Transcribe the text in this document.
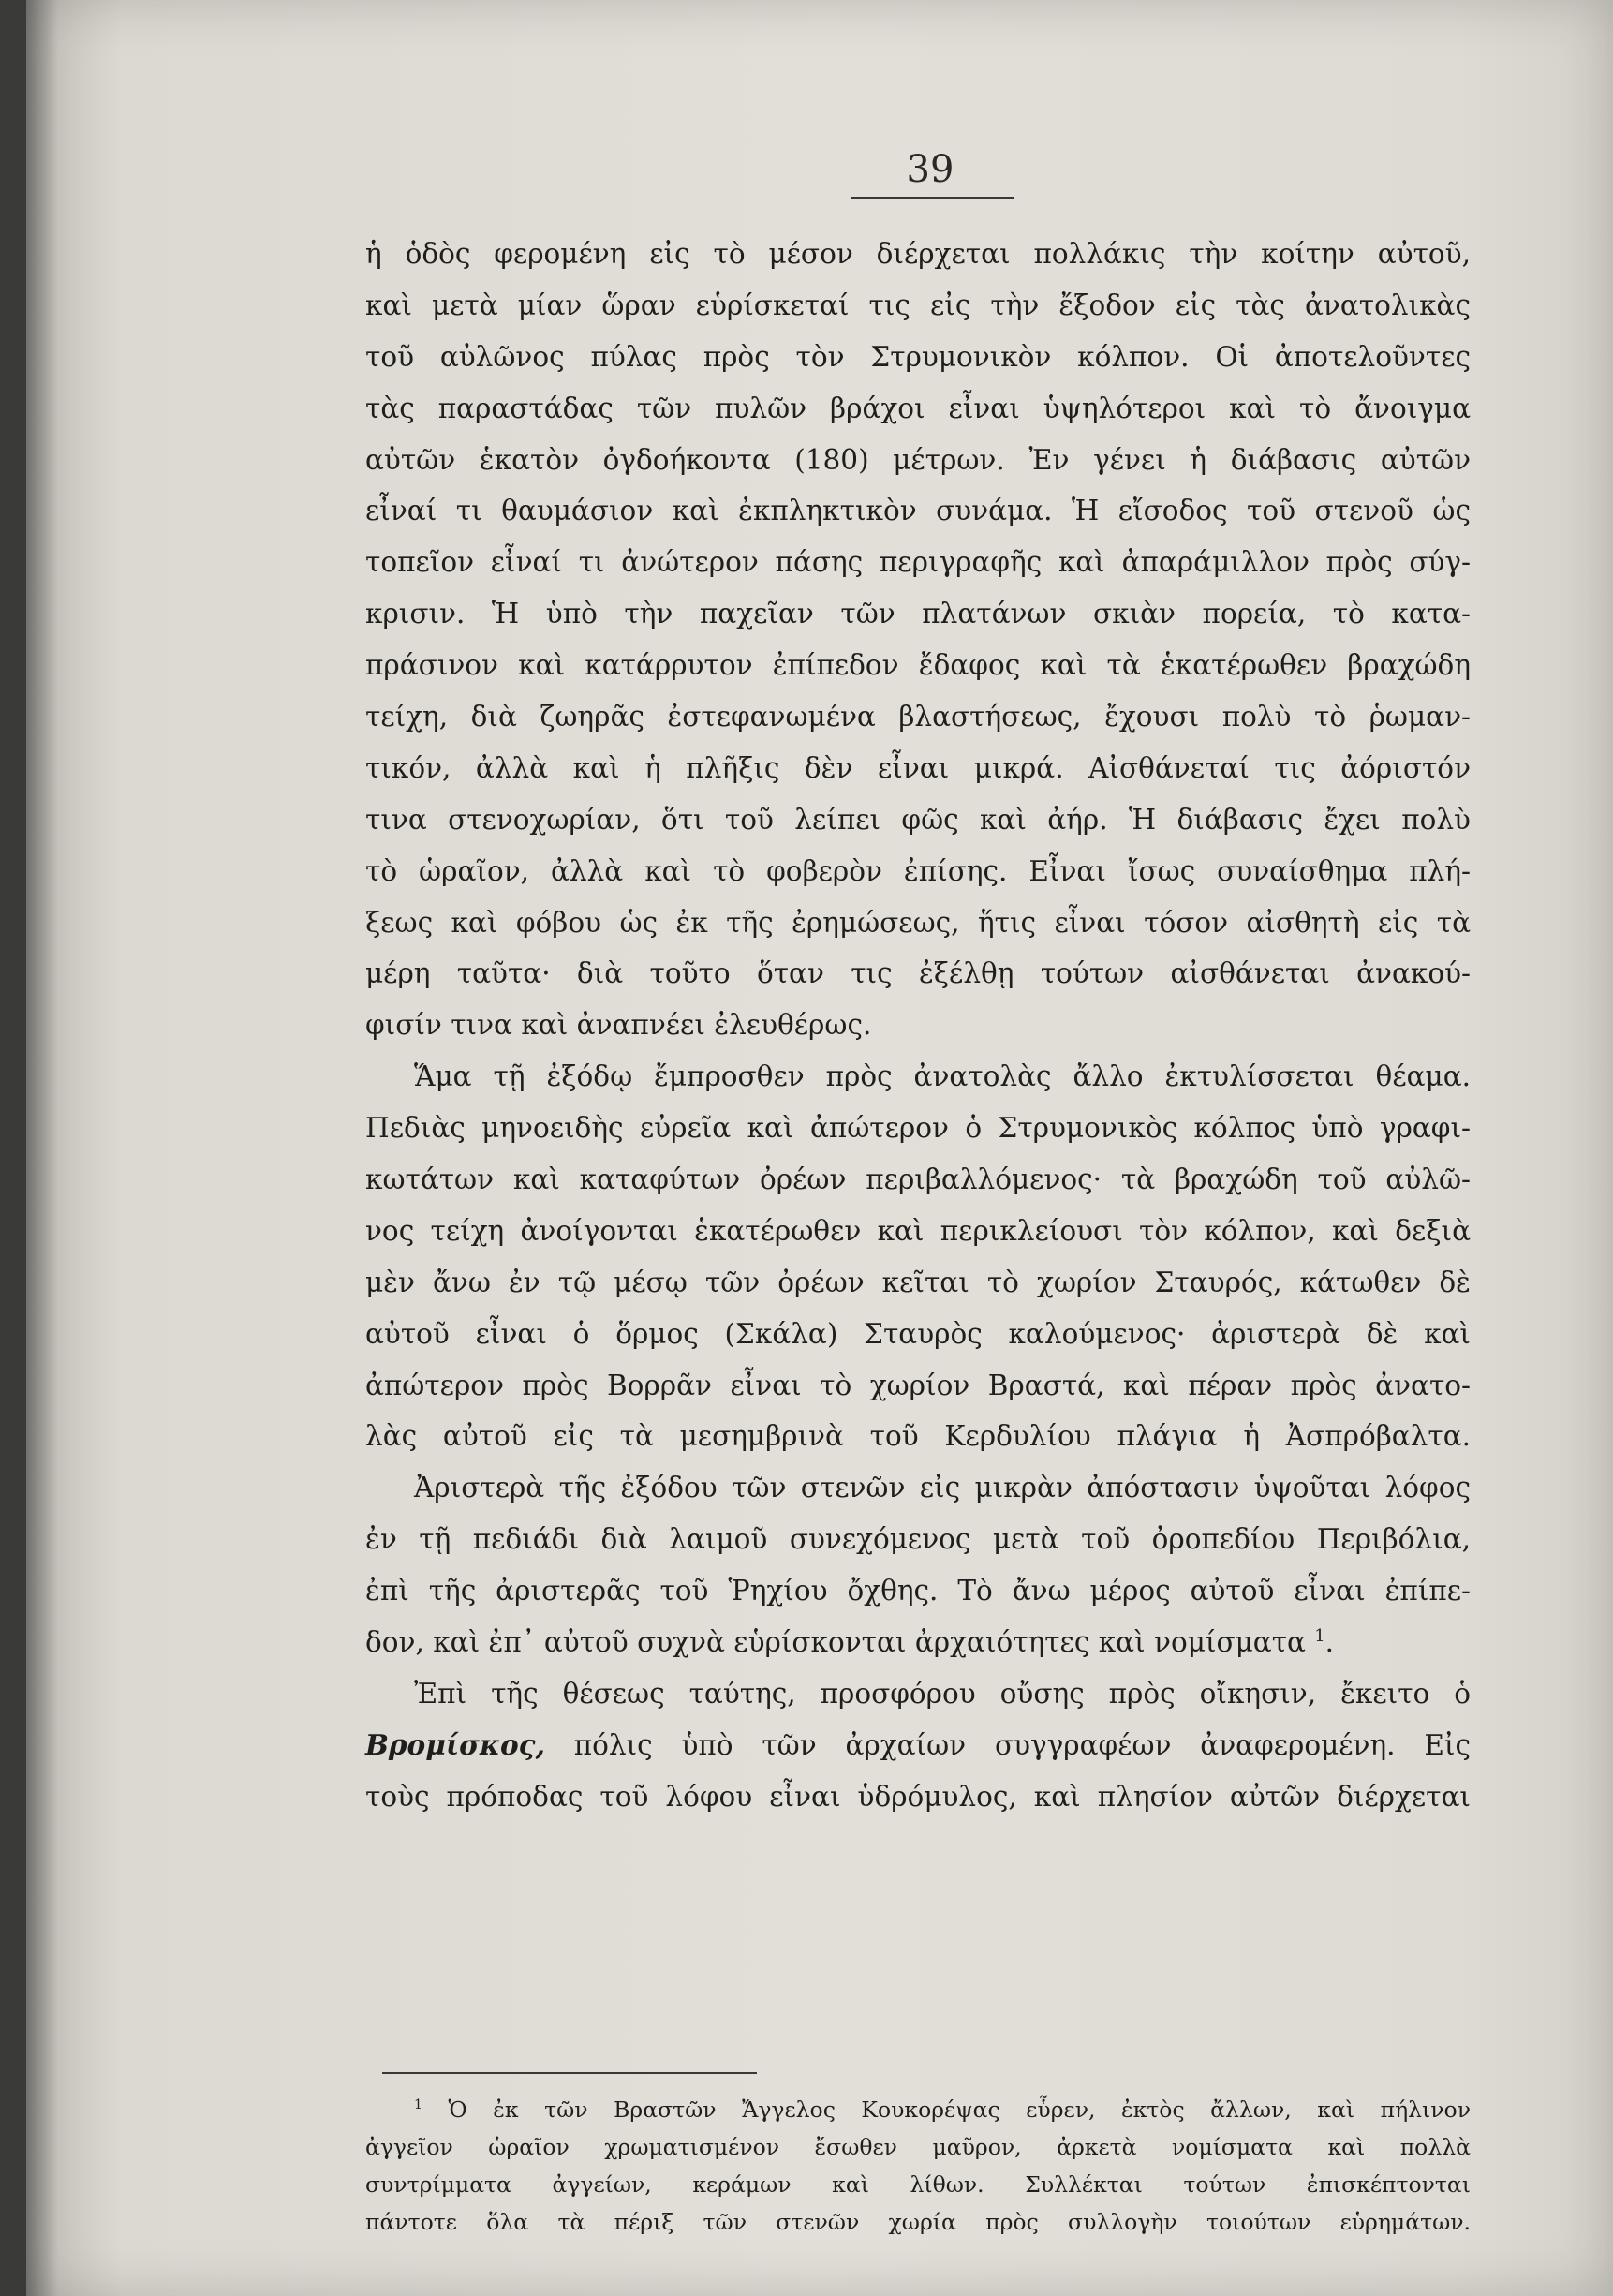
39
ἡ ὁδὸς φερομένη εἰς τὸ μέσον διέρχεται πολλάκις τὴν κοίτην αὐτοῦ,
καὶ μετὰ μίαν ὥραν εὑρίσκεταί τις εἰς τὴν ἔξοδον εἰς τὰς ἀνατολικὰς
τοῦ αὐλῶνος πύλας πρὸς τὸν Στρυμονικὸν κόλπον. Οἱ ἀποτελοῦντες
τὰς παραστάδας τῶν πυλῶν βράχοι εἶναι ὑψηλότεροι καὶ τὸ ἄνοιγμα
αὐτῶν ἑκατὸν ὀγδοήκοντα (180) μέτρων. Ἐν γένει ἡ διάβασις αὐτῶν
εἶναί τι θαυμάσιον καὶ ἐκπληκτικὸν συνάμα. Ἡ εἴσοδος τοῦ στενοῦ ὡς
τοπεῖον εἶναί τι ἀνώτερον πάσης περιγραφῆς καὶ ἀπαράμιλλον πρὸς σύγ-
κρισιν. Ἡ ὑπὸ τὴν παχεῖαν τῶν πλατάνων σκιὰν πορεία, τὸ κατα-
πράσινον καὶ κατάρρυτον ἐπίπεδον ἔδαφος καὶ τὰ ἑκατέρωθεν βραχώδη
τείχη, διὰ ζωηρᾶς ἐστεφανωμένα βλαστήσεως, ἔχουσι πολὺ τὸ ῥωμαν-
τικόν, ἀλλὰ καὶ ἡ πλῆξις δὲν εἶναι μικρά. Αἰσθάνεταί τις ἀόριστόν
τινα στενοχωρίαν, ὅτι τοῦ λείπει φῶς καὶ ἀήρ. Ἡ διάβασις ἔχει πολὺ
τὸ ὡραῖον, ἀλλὰ καὶ τὸ φοβερὸν ἐπίσης. Εἶναι ἴσως συναίσθημα πλή-
ξεως καὶ φόβου ὡς ἐκ τῆς ἐρημώσεως, ἥτις εἶναι τόσον αἰσθητὴ εἰς τὰ
μέρη ταῦτα· διὰ τοῦτο ὅταν τις ἐξέλθῃ τούτων αἰσθάνεται ἀνακού-
φισίν τινα καὶ ἀναπνέει ἐλευθέρως.
Ἅμα τῇ ἐξόδῳ ἔμπροσθεν πρὸς ἀνατολὰς ἄλλο ἐκτυλίσσεται θέαμα.
Πεδιὰς μηνοειδὴς εὐρεῖα καὶ ἀπώτερον ὁ Στρυμονικὸς κόλπος ὑπὸ γραφι-
κωτάτων καὶ καταφύτων ὀρέων περιβαλλόμενος· τὰ βραχώδη τοῦ αὐλῶ-
νος τείχη ἀνοίγονται ἑκατέρωθεν καὶ περικλείουσι τὸν κόλπον, καὶ δεξιὰ
μὲν ἄνω ἐν τῷ μέσῳ τῶν ὀρέων κεῖται τὸ χωρίον Σταυρός, κάτωθεν δὲ
αὐτοῦ εἶναι ὁ ὅρμος (Σκάλα) Σταυρὸς καλούμενος· ἀριστερὰ δὲ καὶ
ἀπώτερον πρὸς Βορρᾶν εἶναι τὸ χωρίον Βραστά, καὶ πέραν πρὸς ἀνατο-
λὰς αὐτοῦ εἰς τὰ μεσημβρινὰ τοῦ Κερδυλίου πλάγια ἡ Ἀσπρόβαλτα.
Ἀριστερὰ τῆς ἐξόδου τῶν στενῶν εἰς μικρὰν ἀπόστασιν ὑψοῦται λόφος
ἐν τῇ πεδιάδι διὰ λαιμοῦ συνεχόμενος μετὰ τοῦ ὀροπεδίου Περιβόλια,
ἐπὶ τῆς ἀριστερᾶς τοῦ Ῥηχίου ὄχθης. Τὸ ἄνω μέρος αὐτοῦ εἶναι ἐπίπε-
δον, καὶ ἐπ᾽ αὐτοῦ συχνὰ εὑρίσκονται ἀρχαιότητες καὶ νομίσματα $^1$.
Ἐπὶ τῆς θέσεως ταύτης, προσφόρου οὔσης πρὸς οἴκησιν, ἔκειτο ὁ
Βρομίσκος, πόλις ὑπὸ τῶν ἀρχαίων συγγραφέων ἀναφερομένη. Εἰς
τοὺς πρόποδας τοῦ λόφου εἶναι ὑδρόμυλος, καὶ πλησίον αὐτῶν διέρχεται
$^1$ Ὁ ἐκ τῶν Βραστῶν Ἄγγελος Κουκορέψας εὗρεν, ἐκτὸς ἄλλων, καὶ πήλινον
ἀγγεῖον ὡραῖον χρωματισμένον ἔσωθεν μαῦρον, ἀρκετὰ νομίσματα καὶ πολλὰ
συντρίμματα ἀγγείων, κεράμων καὶ λίθων. Συλλέκται τούτων ἐπισκέπτονται
πάντοτε ὅλα τὰ πέριξ τῶν στενῶν χωρία πρὸς συλλογὴν τοιούτων εὑρημάτων.
